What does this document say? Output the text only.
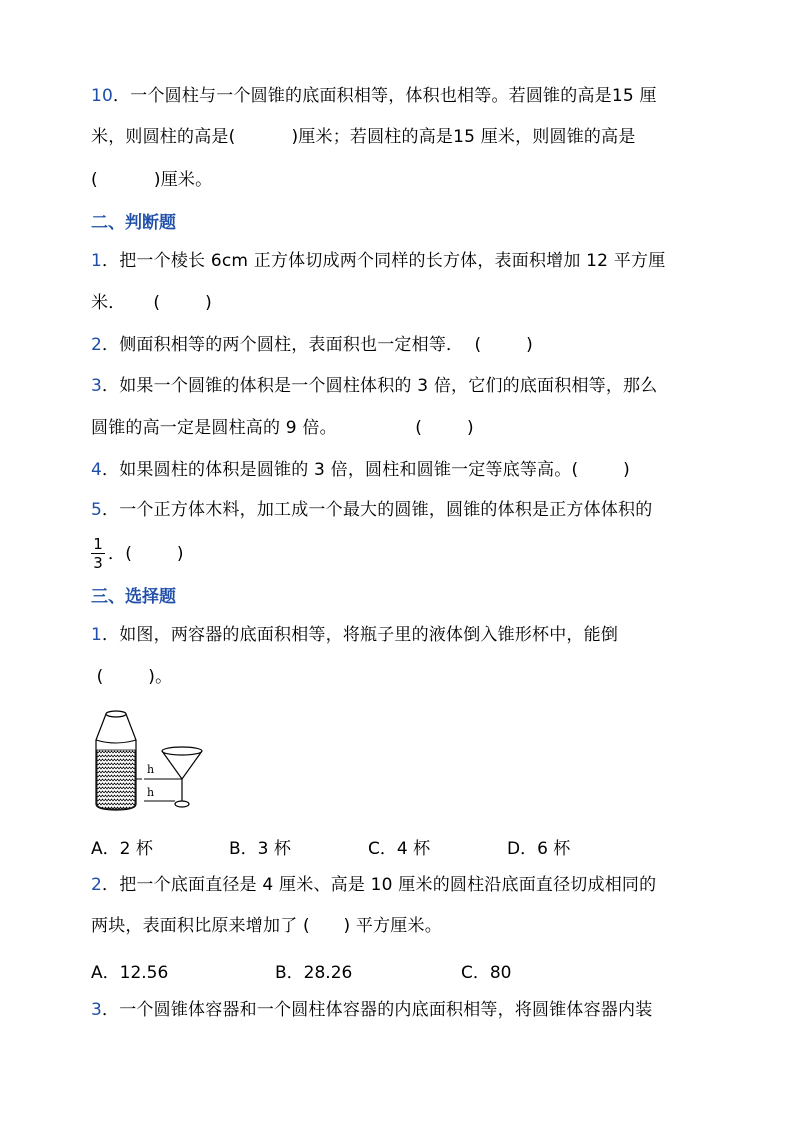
10．一个圆柱与一个圆锥的底面积相等，体积也相等。若圆锥的高是15 厘
米，则圆柱的高是(          )厘米；若圆柱的高是15 厘米，则圆锥的高是
(          )厘米。
二、判断题
1．把一个棱长 6cm 正方体切成两个同样的长方体，表面积增加 12 平方厘
米．     (        )
2．侧面积相等的两个圆柱，表面积也一定相等．  (        )
3．如果一个圆锥的体积是一个圆柱体积的 3 倍，它们的底面积相等，那么
圆锥的高一定是圆柱高的 9 倍。              (        )
4．如果圆柱的体积是圆锥的 3 倍，圆柱和圆锥一定等底等高。(        )
5．一个正方体木料，加工成一个最大的圆锥，圆锥的体积是正方体体积的
1
3 ．(        )
三、选择题
1．如图，两容器的底面积相等，将瓶子里的液体倒入锥形杯中，能倒
(        )。
h
h

A．2 杯

	B．3 杯

	C．4 杯

	D．6 杯

2．把一个底面直径是 4 厘米、高是 10 厘米的圆柱沿底面直径切成相同的
两块，表面积比原来增加了 (      ) 平方厘米。

A．12.56

	B．28.26

	C．80

3．一个圆锥体容器和一个圆柱体容器的内底面积相等，将圆锥体容器内装
